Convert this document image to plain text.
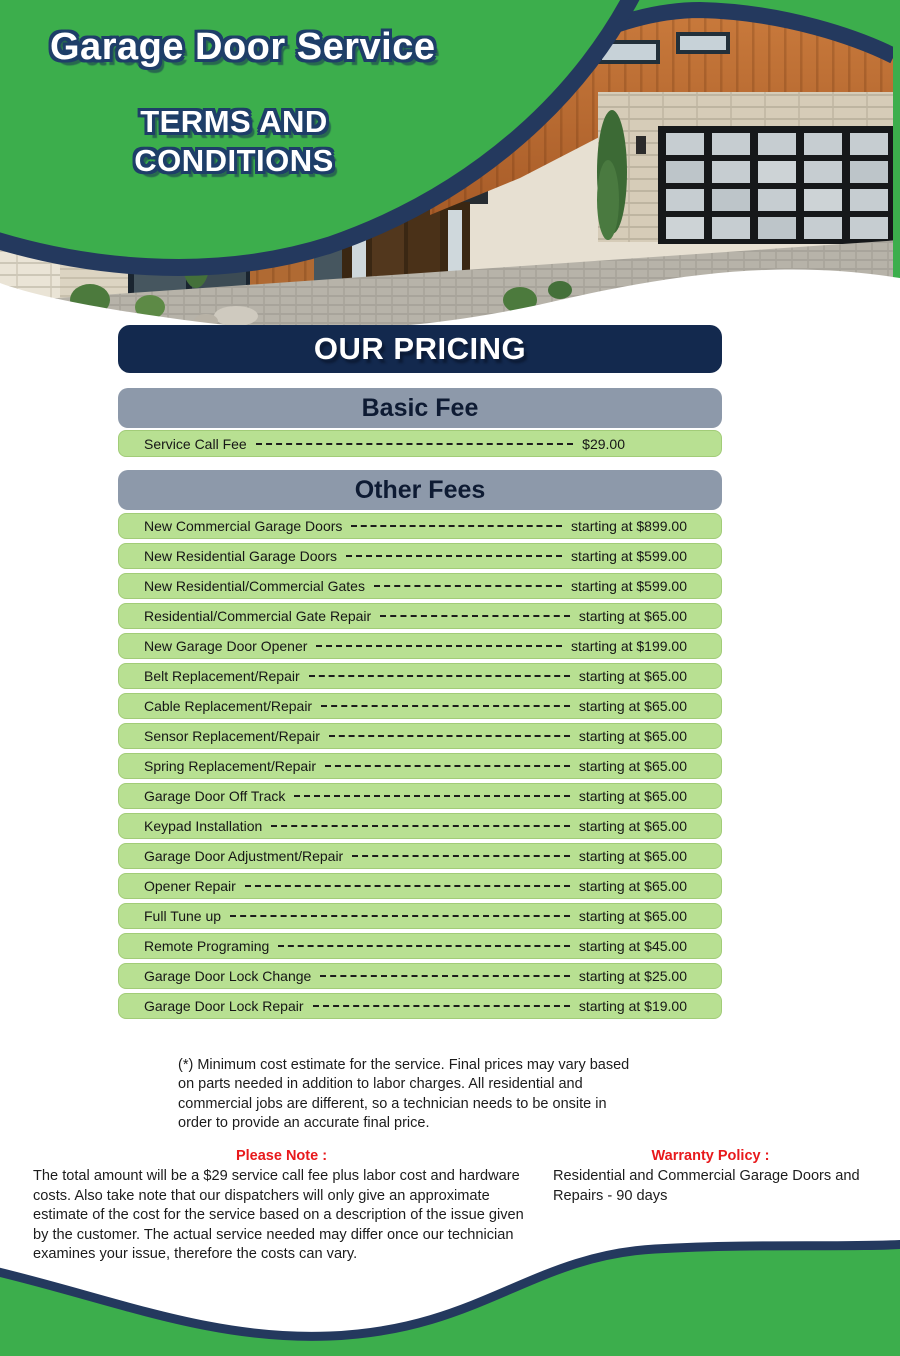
Garage Door Service
TERMS AND
CONDITIONS
OUR PRICING
Basic Fee
Service Call Fee	$29.00
Other Fees
New Commercial Garage Doors	starting at $899.00
New Residential Garage Doors	starting at $599.00
New Residential/Commercial Gates	starting at $599.00
Residential/Commercial Gate Repair	starting at $65.00
New Garage Door Opener	starting at $199.00
Belt Replacement/Repair	starting at $65.00
Cable Replacement/Repair	starting at $65.00
Sensor Replacement/Repair	starting at $65.00
Spring Replacement/Repair	starting at $65.00
Garage Door Off Track	starting at $65.00
Keypad Installation	starting at $65.00
Garage Door Adjustment/Repair	starting at $65.00
Opener Repair	starting at $65.00
Full Tune up	starting at $65.00
Remote Programing	starting at $45.00
Garage Door Lock Change	starting at $25.00
Garage Door Lock Repair	starting at $19.00

(*) Minimum cost estimate for the service. Final prices may vary based on parts needed in addition to labor charges. All residential and commercial jobs are different, so a technician needs to be onsite in order to provide an accurate final price.

Please Note :

The total amount will be a $29 service call fee plus labor cost and hardware costs. Also take note that our dispatchers will only give an approximate estimate of the cost for the service based on a description of the issue given by the customer. The actual service needed may differ once our technician examines your issue, therefore the costs can vary.

Warranty Policy :

Residential and Commercial Garage Doors and Repairs - 90 days
